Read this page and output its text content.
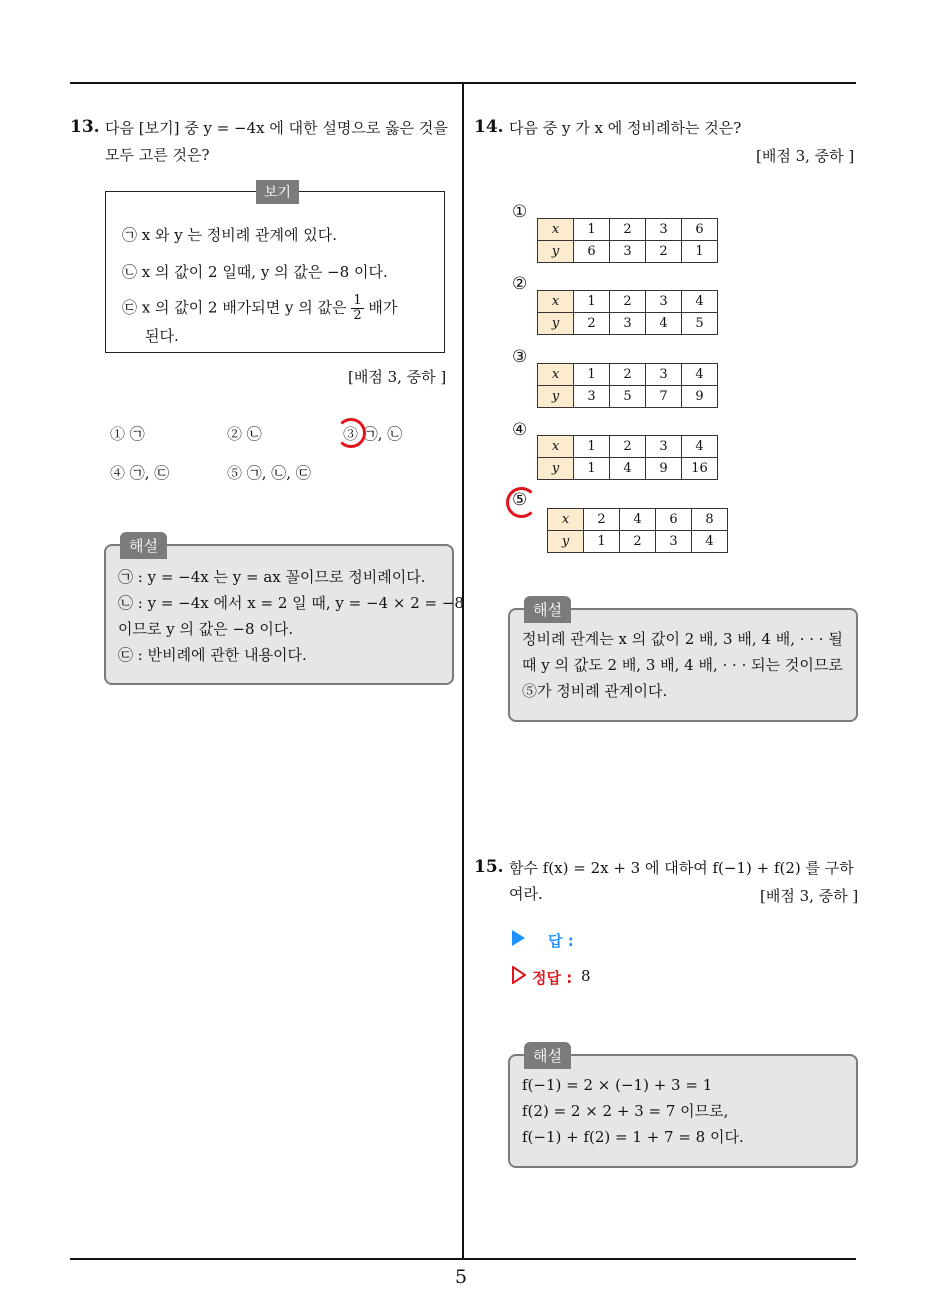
5
13. 다음 [보기] 중 y = −4x 에 대한 설명으로 옳은 것을
모두 고른 것은?
보기
㉠ x 와 y 는 정비례 관계에 있다.
㉡ x 의 값이 2 일때, y 의 값은 −8 이다.
㉢ x 의 값이 2 배가되면 y 의 값은 $\frac{1}{2}$ 배가
된다.
[배점 3, 중하 ]
① ㉠	② ㉡	③ ㉠, ㉡
④ ㉠, ㉢	⑤ ㉠, ㉡, ㉢
해설
㉠ : y = −4x 는 y = ax 꼴이므로 정비례이다.
㉡ : y = −4x 에서 x = 2 일 때, y = −4 × 2 = −8
이므로 y 의 값은 −8 이다.
㉢ : 반비례에 관한 내용이다.
14. 다음 중 y 가 x 에 정비례하는 것은?
[배점 3, 중하 ]
①
x	1	2	3	6
y	6	3	2	1
②
x	1	2	3	4
y	2	3	4	5
③
x	1	2	3	4
y	3	5	7	9
④
x	1	2	3	4
y	1	4	9	16
⑤
x	2	4	6	8
y	1	2	3	4
해설
정비례 관계는 x 의 값이 2 배, 3 배, 4 배, · · · 될
때 y 의 값도 2 배, 3 배, 4 배, · · · 되는 것이므로
⑤가 정비례 관계이다.
15. 함수 f(x) = 2x + 3 에 대하여 f(−1) + f(2) 를 구하
여라.	[배점 3, 중하 ]
답 :
정답 : 8
해설
f(−1) = 2 × (−1) + 3 = 1
f(2) = 2 × 2 + 3 = 7 이므로,
f(−1) + f(2) = 1 + 7 = 8 이다.
